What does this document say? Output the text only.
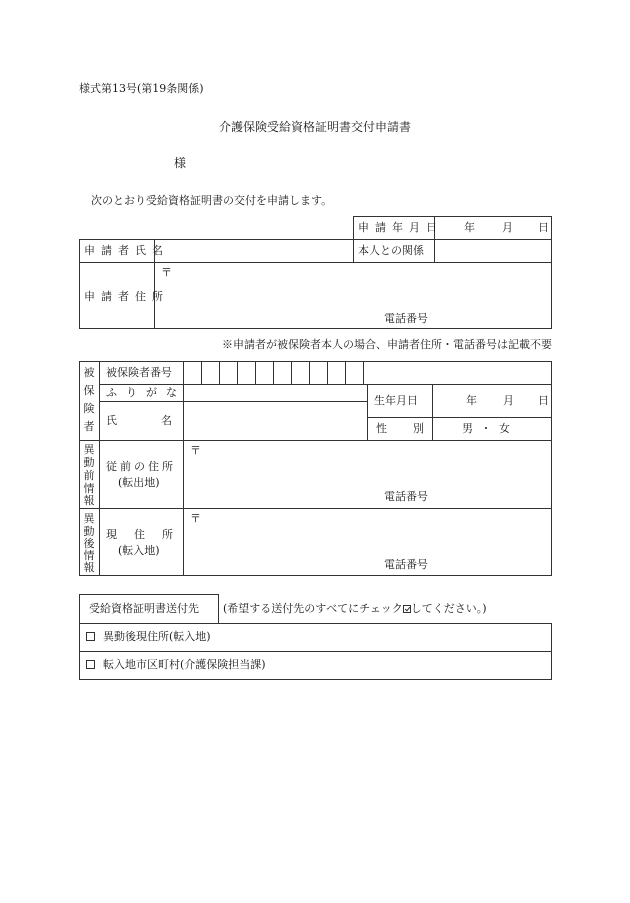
様式第13号(第19条関係)
介護保険受給資格証明書交付申請書
様
次のとおり受給資格証明書の交付を申請します。
申請年月日 年 月 日
申請者氏名	本人との関係
申請者住所
〒
電話番号
※申請者が被保険者本人の場合、申請者住所・電話番号は記載不要
被
保
険
者
被保険者番号
ふりがな
氏名
生年月日	年 月 日
性別 男 ・ 女
異
動
前
情
報
従前の住所
(転出地)
〒
電話番号
異
動
後
情
報
現住所
(転入地)
〒
電話番号
受給資格証明書送付先 (希望する送付先のすべてにチェック してください。)
異動後現住所(転入地)
転入地市区町村(介護保険担当課)
